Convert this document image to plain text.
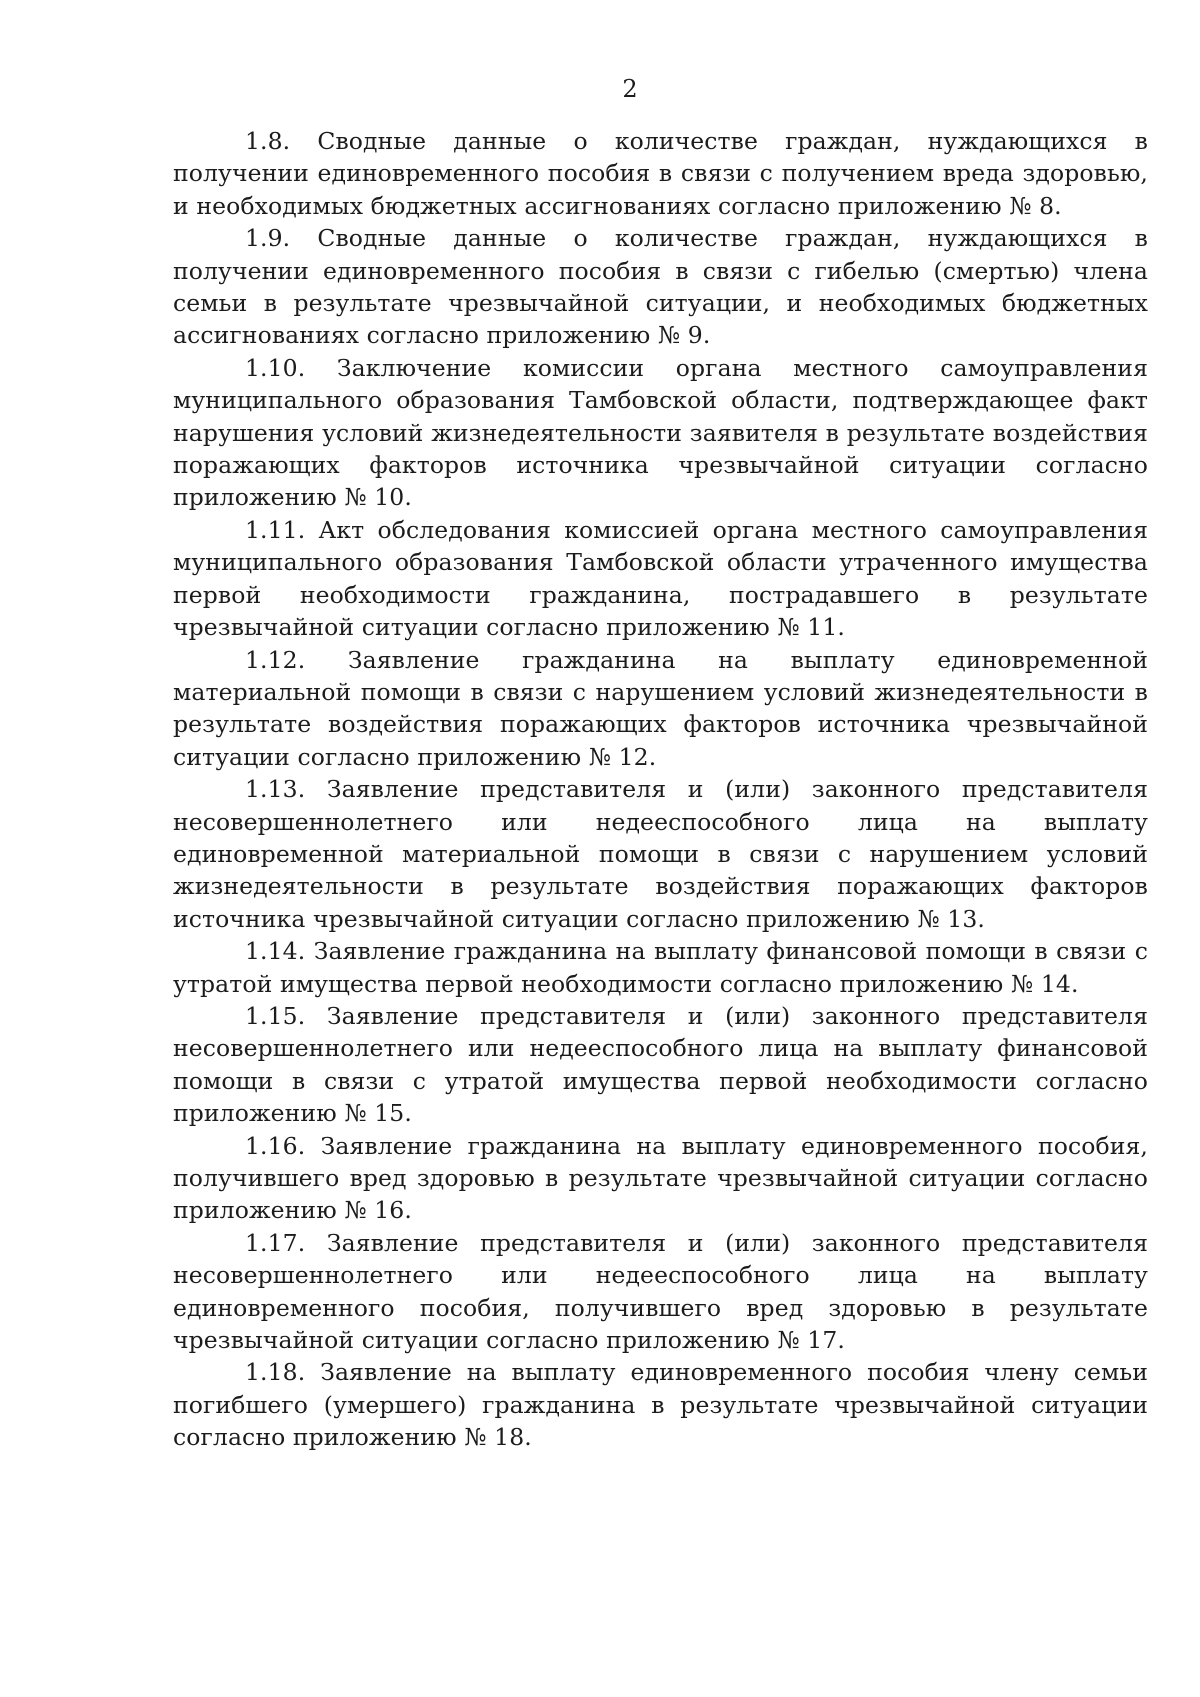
2

1.8. Сводные данные о количестве граждан, нуждающихся в получении единовременного пособия в связи с получением вреда здоровью, и необходимых бюджетных ассигнованиях согласно приложению № 8.

1.9. Сводные данные о количестве граждан, нуждающихся в получении единовременного пособия в связи с гибелью (смертью) члена семьи в результате чрезвычайной ситуации, и необходимых бюджетных ассигнованиях согласно приложению № 9.

1.10. Заключение комиссии органа местного самоуправления муниципального образования Тамбовской области, подтверждающее факт нарушения условий жизнедеятельности заявителя в результате воздействия поражающих факторов источника чрезвычайной ситуации согласно приложению № 10.

1.11. Акт обследования комиссией органа местного самоуправления муниципального образования Тамбовской области утраченного имущества первой необходимости гражданина, пострадавшего в результате чрезвычайной ситуации согласно приложению № 11.

1.12. Заявление гражданина на выплату единовременной материальной помощи в связи с нарушением условий жизнедеятельности в результате воздействия поражающих факторов источника чрезвычайной ситуации согласно приложению № 12.

1.13. Заявление представителя и (или) законного представителя несовершеннолетнего или недееспособного лица на выплату единовременной материальной помощи в связи с нарушением условий жизнедеятельности в результате воздействия поражающих факторов источника чрезвычайной ситуации согласно приложению № 13.

1.14. Заявление гражданина на выплату финансовой помощи в связи с утратой имущества первой необходимости согласно приложению № 14.

1.15. Заявление представителя и (или) законного представителя несовершеннолетнего или недееспособного лица на выплату финансовой помощи в связи с утратой имущества первой необходимости согласно приложению № 15.

1.16. Заявление гражданина на выплату единовременного пособия, получившего вред здоровью в результате чрезвычайной ситуации согласно приложению № 16.

1.17. Заявление представителя и (или) законного представителя несовершеннолетнего или недееспособного лица на выплату единовременного пособия, получившего вред здоровью в результате чрезвычайной ситуации согласно приложению № 17.

1.18. Заявление на выплату единовременного пособия члену семьи погибшего (умершего) гражданина в результате чрезвычайной ситуации согласно приложению № 18.
